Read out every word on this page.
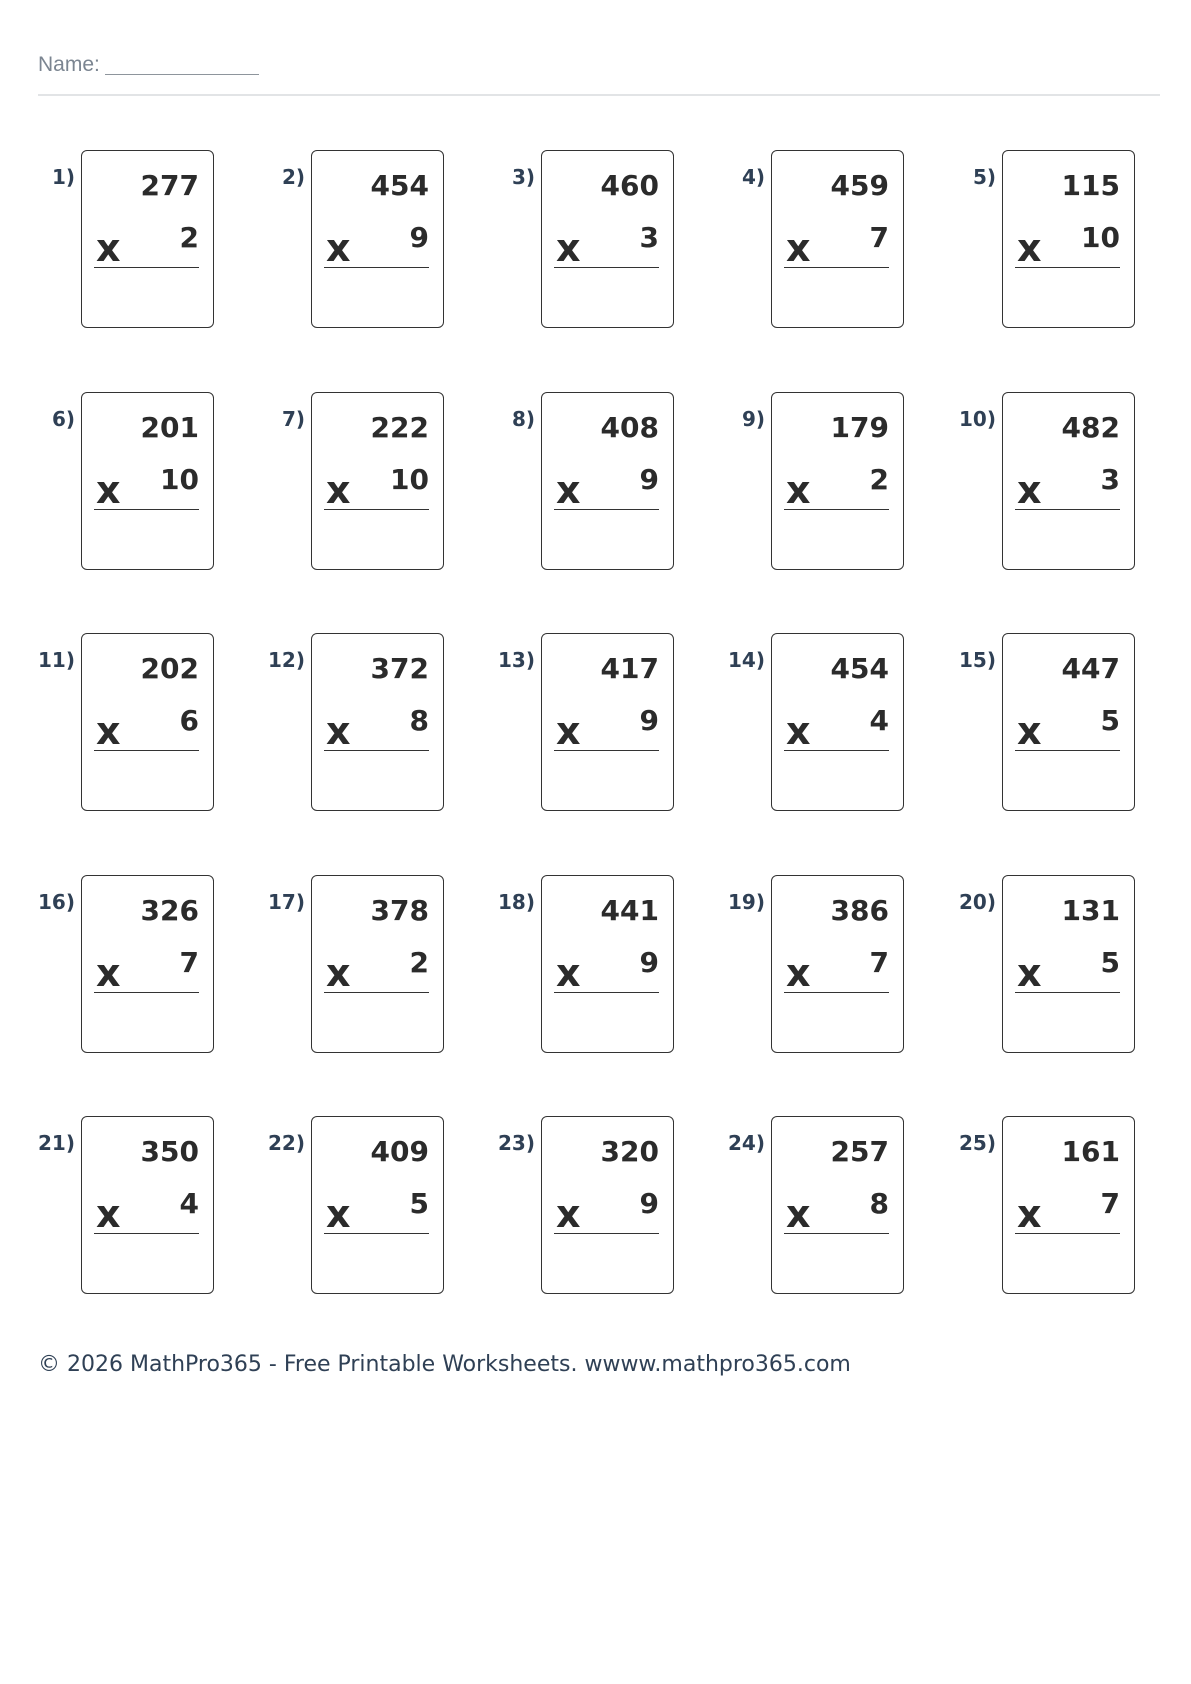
Name:
1) 277
x 2
2) 454
x 9
3) 460
x 3
4) 459
x 7
5) 115
x 10
6) 201
x 10
7) 222
x 10
8) 408
x 9
9) 179
x 2
10) 482
x 3
11) 202
x 6
12) 372
x 8
13) 417
x 9
14) 454
x 4
15) 447
x 5
16) 326
x 7
17) 378
x 2
18) 441
x 9
19) 386
x 7
20) 131
x 5
21) 350
x 4
22) 409
x 5
23) 320
x 9
24) 257
x 8
25) 161
x 7
© 2026 MathPro365 - Free Printable Worksheets. wwww.mathpro365.com
